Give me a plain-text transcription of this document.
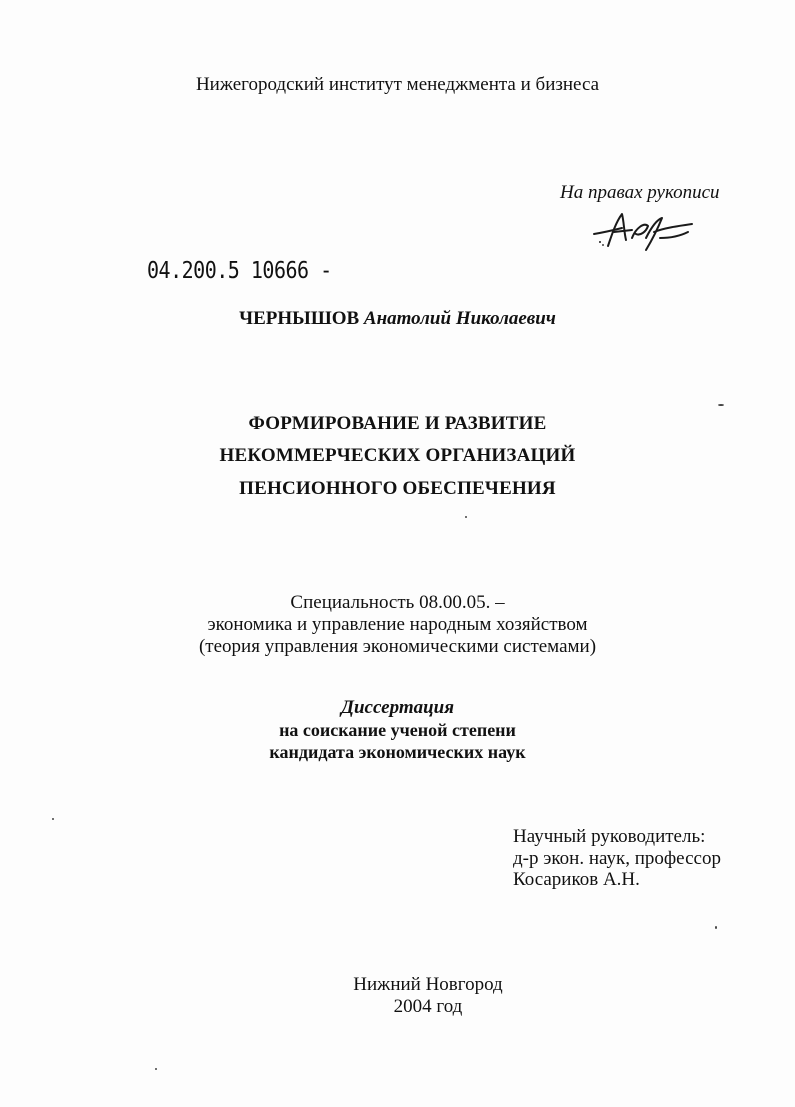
Нижегородский институт менеджмента и бизнеса
На правах рукописи
04.200.5 10666 -
ЧЕРНЫШОВ Анатолий Николаевич
ФОРМИРОВАНИЕ И РАЗВИТИЕ
НЕКОММЕРЧЕСКИХ ОРГАНИЗАЦИЙ
ПЕНСИОННОГО ОБЕСПЕЧЕНИЯ
Специальность 08.00.05. –
экономика и управление народным хозяйством
(теория управления экономическими системами)
Диссертация
на соискание ученой степени
кандидата экономических наук
Научный руководитель:
д-р экон. наук, профессор
Косариков А.Н.
Нижний Новгород
2004 год
